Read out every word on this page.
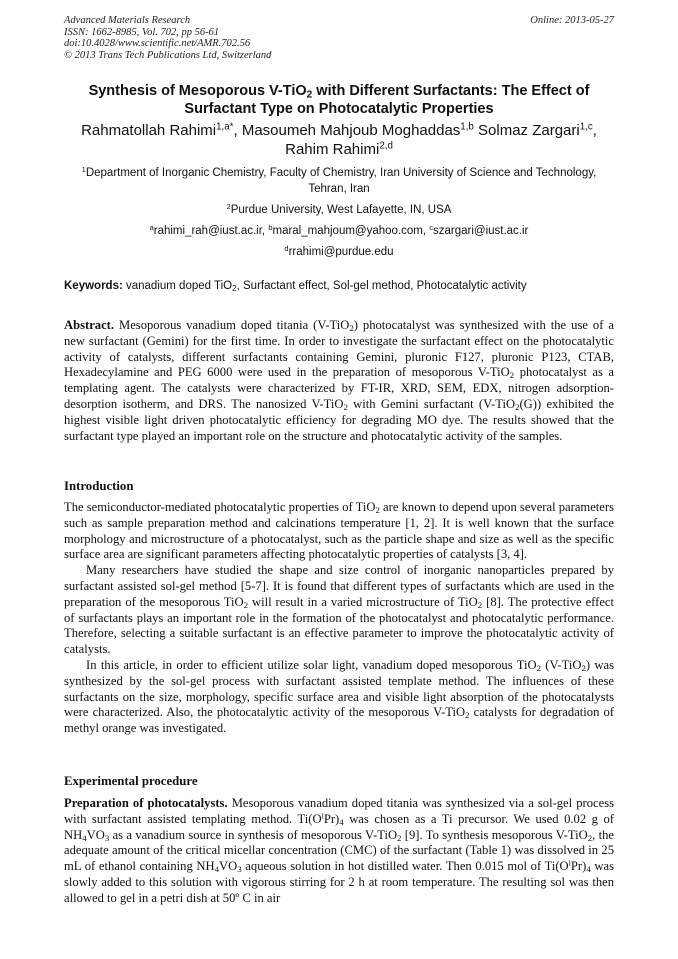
Advanced Materials Research
ISSN: 1662-8985, Vol. 702, pp 56-61
doi:10.4028/www.scientific.net/AMR.702.56
© 2013 Trans Tech Publications Ltd, Switzerland
Online: 2013-05-27
Synthesis of Mesoporous V-TiO$_2$ with Different Surfactants: The Effect of Surfactant Type on Photocatalytic Properties
Rahmatollah Rahimi$^{1,a*}$, Masoumeh Mahjoub Moghaddas$^{1,b}$ Solmaz Zargari$^{1,c}$,
Rahim Rahimi$^{2,d}$
$^1$Department of Inorganic Chemistry, Faculty of Chemistry, Iran University of Science and Technology, Tehran, Iran
$^2$Purdue University, West Lafayette, IN, USA
$^a$rahimi_rah@iust.ac.ir, $^b$maral_mahjoum@yahoo.com, $^c$szargari@iust.ac.ir
$^d$rrahimi@purdue.edu
Keywords: vanadium doped TiO$_2$, Surfactant effect, Sol-gel method, Photocatalytic activity

Abstract. Mesoporous vanadium doped titania (V-TiO$_2$) photocatalyst was synthesized with the use of a new surfactant (Gemini) for the first time. In order to investigate the surfactant effect on the photocatalytic activity of catalysts, different surfactants containing Gemini, pluronic F127, pluronic P123, CTAB, Hexadecylamine and PEG 6000 were used in the preparation of mesoporous V-TiO$_2$ photocatalyst as a templating agent. The catalysts were characterized by FT-IR, XRD, SEM, EDX, nitrogen adsorption-desorption isotherm, and DRS. The nanosized V-TiO$_2$ with Gemini surfactant (V-TiO$_2$(G)) exhibited the highest visible light driven photocatalytic efficiency for degrading MO dye. The results showed that the surfactant type played an important role on the structure and photocatalytic activity of the samples.

Introduction

The semiconductor-mediated photocatalytic properties of TiO$_2$ are known to depend upon several parameters such as sample preparation method and calcinations temperature [1, 2]. It is well known that the surface morphology and microstructure of a photocatalyst, such as the particle shape and size as well as the specific surface area are significant parameters affecting photocatalytic properties of catalysts [3, 4].

Many researchers have studied the shape and size control of inorganic nanoparticles prepared by surfactant assisted sol-gel method [5-7]. It is found that different types of surfactants which are used in the preparation of the mesoporous TiO$_2$ will result in a varied microstructure of TiO$_2$ [8]. The protective effect of surfactants plays an important role in the formation of the photocatalyst and photocatalytic performance. Therefore, selecting a suitable surfactant is an effective parameter to improve the photocatalytic activity of catalysts.

In this article, in order to efficient utilize solar light, vanadium doped mesoporous TiO$_2$ (V-TiO$_2$) was synthesized by the sol-gel process with surfactant assisted template method. The influences of these surfactants on the size, morphology, specific surface area and visible light absorption of the photocatalysts were characterized. Also, the photocatalytic activity of the mesoporous V-TiO$_2$ catalysts for degradation of methyl orange was investigated.

Experimental procedure

Preparation of photocatalysts. Mesoporous vanadium doped titania was synthesized via a sol-gel process with surfactant assisted templating method. $Ti(O^iPr)_4$ was chosen as a Ti precursor. We used 0.02 g of $NH_4VO_3$ as a vanadium source in synthesis of mesoporous V-TiO$_2$ [9]. To synthesis mesoporous V-TiO$_2$, the adequate amount of the critical micellar concentration (CMC) of the surfactant (Table 1) was dissolved in 25 mL of ethanol containing $NH_4VO_3$ aqueous solution in hot distilled water. Then 0.015 mol of $Ti(O^iPr)_4$ was slowly added to this solution with vigorous stirring for 2 h at room temperature. The resulting sol was then allowed to gel in a petri dish at 50º C in air
